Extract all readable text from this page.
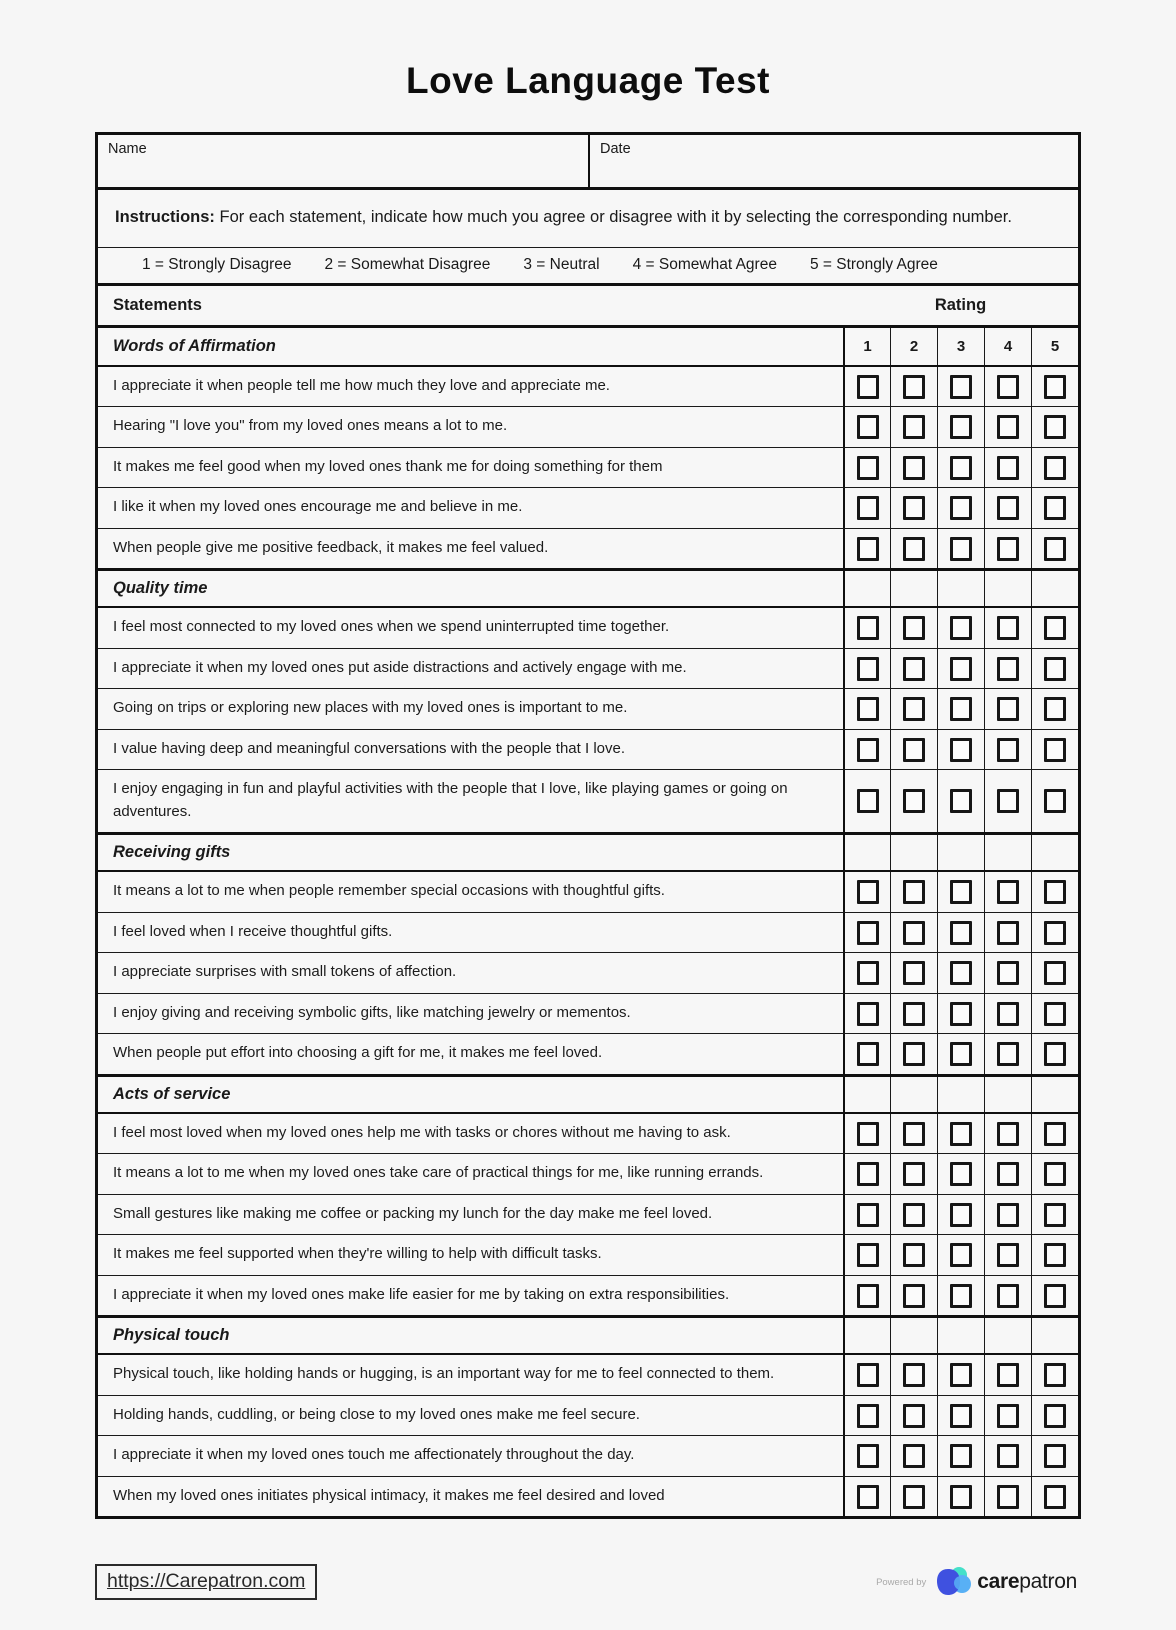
Love Language Test
Name	Date
Instructions: For each statement, indicate how much you agree or disagree with it by selecting the corresponding number.
1 = Strongly Disagree 2 = Somewhat Disagree 3 = Neutral 4 = Somewhat Agree 5 = Strongly Agree
Statements	Rating
Words of Affirmation	1	2	3	4	5
I appreciate it when people tell me how much they love and appreciate me.
Hearing "I love you" from my loved ones means a lot to me.
It makes me feel good when my loved ones thank me for doing something for them
I like it when my loved ones encourage me and believe in me.
When people give me positive feedback, it makes me feel valued.
Quality time
I feel most connected to my loved ones when we spend uninterrupted time together.
I appreciate it when my loved ones put aside distractions and actively engage with me.
Going on trips or exploring new places with my loved ones is important to me.
I value having deep and meaningful conversations with the people that I love.
I enjoy engaging in fun and playful activities with the people that I love, like playing games or going on adventures.
Receiving gifts
It means a lot to me when people remember special occasions with thoughtful gifts.
I feel loved when I receive thoughtful gifts.
I appreciate surprises with small tokens of affection.
I enjoy giving and receiving symbolic gifts, like matching jewelry or mementos.
When people put effort into choosing a gift for me, it makes me feel loved.
Acts of service
I feel most loved when my loved ones help me with tasks or chores without me having to ask.
It means a lot to me when my loved ones take care of practical things for me, like running errands.
Small gestures like making me coffee or packing my lunch for the day make me feel loved.
It makes me feel supported when they're willing to help with difficult tasks.
I appreciate it when my loved ones make life easier for me by taking on extra responsibilities.
Physical touch
Physical touch, like holding hands or hugging, is an important way for me to feel connected to them.
Holding hands, cuddling, or being close to my loved ones make me feel secure.
I appreciate it when my loved ones touch me affectionately throughout the day.
When my loved ones initiates physical intimacy, it makes me feel desired and loved
https://Carepatron.com	Powered by carepatron
